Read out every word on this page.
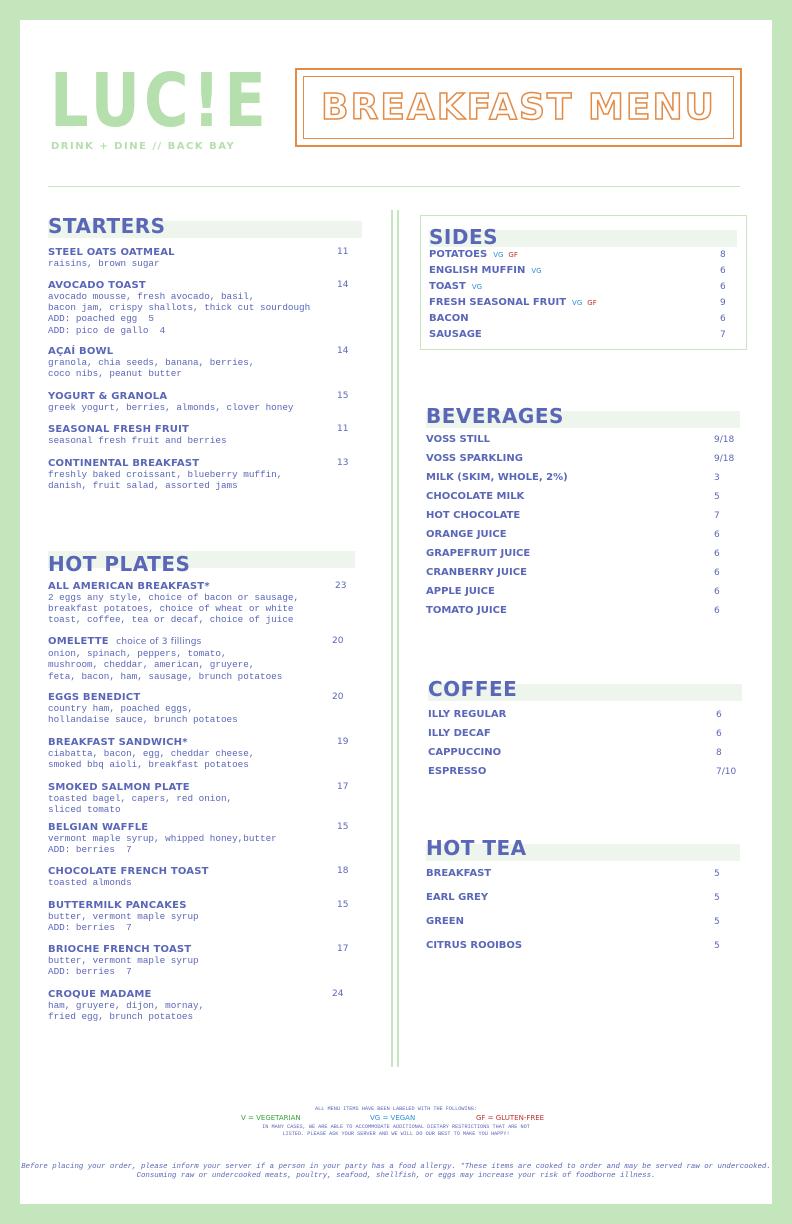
LUC!E
DRINK + DINE // BACK BAY
BREAKFAST MENU
STARTERS
STEEL OATS OATMEAL	11
raisins, brown sugar
AVOCADO TOAST	14
avocado mousse, fresh avocado, basil,
bacon jam, crispy shallots, thick cut sourdough
ADD: poached egg  5
ADD: pico de gallo  4
AÇAÍ BOWL	14
granola, chia seeds, banana, berries,
coco nibs, peanut butter
YOGURT & GRANOLA	15
greek yogurt, berries, almonds, clover honey
SEASONAL FRESH FRUIT	11
seasonal fresh fruit and berries
CONTINENTAL BREAKFAST	13
freshly baked croissant, blueberry muffin,
danish, fruit salad, assorted jams
HOT PLATES
ALL AMERICAN BREAKFAST*	23
2 eggs any style, choice of bacon or sausage,
breakfast potatoes, choice of wheat or white
toast, coffee, tea or decaf, choice of juice
OMELETTE choice of 3 fillings	20
onion, spinach, peppers, tomato,
mushroom, cheddar, american, gruyere,
feta, bacon, ham, sausage, brunch potatoes
EGGS BENEDICT	20
country ham, poached eggs,
hollandaise sauce, brunch potatoes
BREAKFAST SANDWICH*	19
ciabatta, bacon, egg, cheddar cheese,
smoked bbq aioli, breakfast potatoes
SMOKED SALMON PLATE	17
toasted bagel, capers, red onion,
sliced tomato
BELGIAN WAFFLE	15
vermont maple syrup, whipped honey,butter
ADD: berries  7
CHOCOLATE FRENCH TOAST	18
toasted almonds
BUTTERMILK PANCAKES	15
butter, vermont maple syrup
ADD: berries  7
BRIOCHE FRENCH TOAST	17
butter, vermont maple syrup
ADD: berries  7
CROQUE MADAME	24
ham, gruyere, dijon, mornay,
fried egg, brunch potatoes
SIDES
POTATOES VG GF	8
ENGLISH MUFFIN VG	6
TOAST VG	6
FRESH SEASONAL FRUIT VG GF	9
BACON	6
SAUSAGE	7
BEVERAGES
VOSS STILL	9/18
VOSS SPARKLING	9/18
MILK (SKIM, WHOLE, 2%)	3
CHOCOLATE MILK	5
HOT CHOCOLATE	7
ORANGE JUICE	6
GRAPEFRUIT JUICE	6
CRANBERRY JUICE	6
APPLE JUICE	6
TOMATO JUICE	6
COFFEE
ILLY REGULAR	6
ILLY DECAF	6
CAPPUCCINO	8
ESPRESSO	7/10
HOT TEA
BREAKFAST	5
EARL GREY	5
GREEN	5
CITRUS ROOIBOS	5
ALL MENU ITEMS HAVE BEEN LABELED WITH THE FOLLOWING:
V = VEGETARIAN	VG = VEGAN	GF = GLUTEN-FREE
IN MANY CASES, WE ARE ABLE TO ACCOMMODATE ADDITIONAL DIETARY RESTRICTIONS THAT ARE NOT
LISTED. PLEASE ASK YOUR SERVER AND WE WILL DO OUR BEST TO MAKE YOU HAPPY!
Before placing your order, please inform your server if a person in your party has a food allergy. *These items are cooked to order and may be served raw or undercooked.
Consuming raw or undercooked meats, poultry, seafood, shellfish, or eggs may increase your risk of foodborne illness.
